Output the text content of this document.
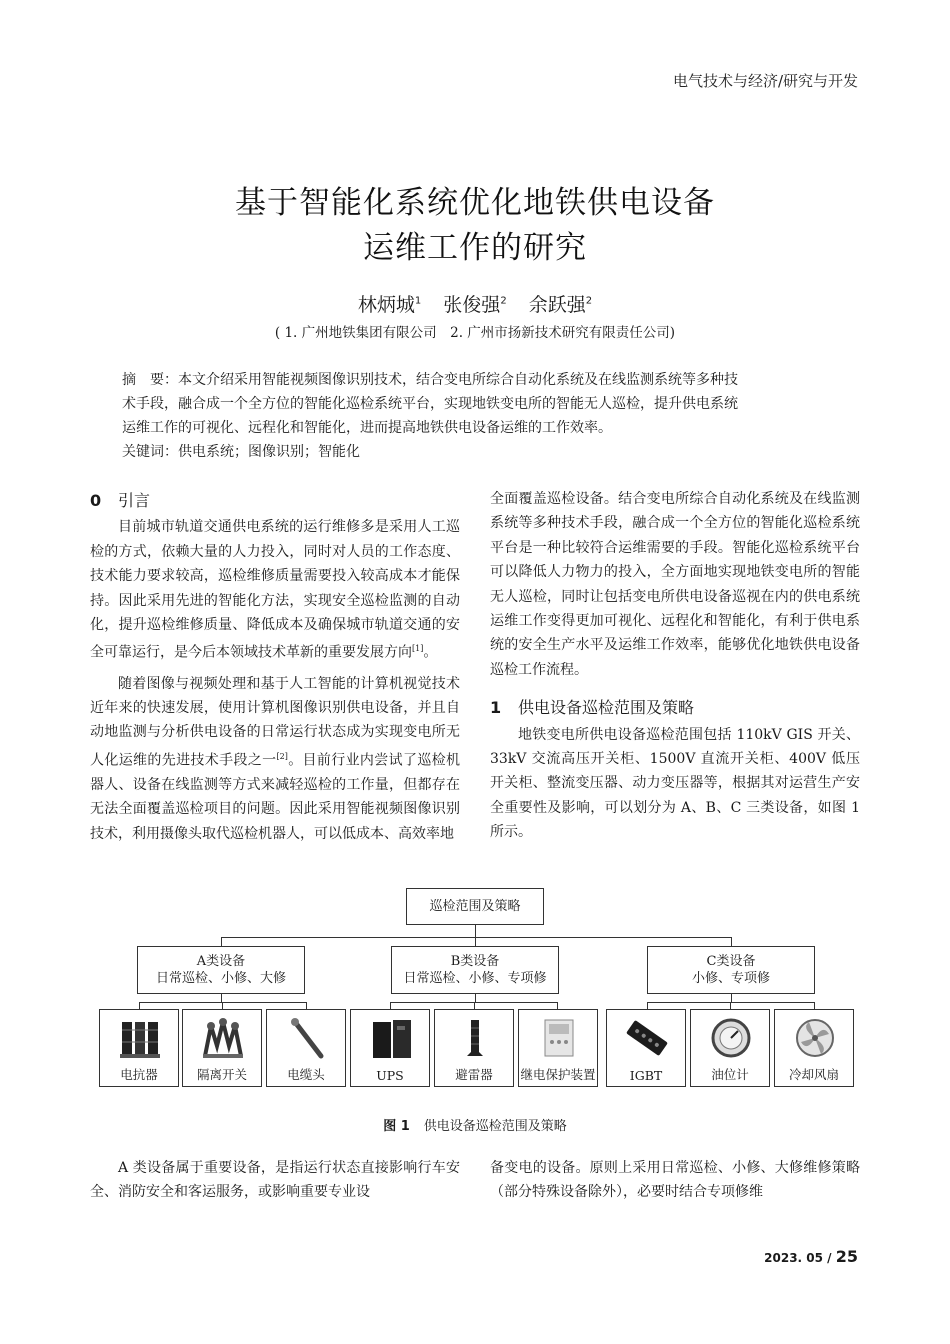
电气技术与经济/研究与开发
基于智能化系统优化地铁供电设备
运维工作的研究
林炳城$^1$ 张俊强$^2$ 余跃强$^2$
( 1. 广州地铁集团有限公司　2. 广州市扬新技术研究有限责任公司)
摘　要：本文介绍采用智能视频图像识别技术，结合变电所综合自动化系统及在线监测系统等多种技
术手段，融合成一个全方位的智能化巡检系统平台，实现地铁变电所的智能无人巡检，提升供电系统
运维工作的可视化、远程化和智能化，进而提高地铁供电设备运维的工作效率。
关键词：供电系统；图像识别；智能化
0 引言

目前城市轨道交通供电系统的运行维修多是采用人工巡检的方式，依赖大量的人力投入，同时对人员的工作态度、技术能力要求较高，巡检维修质量需要投入较高成本才能保持。因此采用先进的智能化方法，实现安全巡检监测的自动化，提升巡检维修质量、降低成本及确保城市轨道交通的安全可靠运行，是今后本领域技术革新的重要发展方向[1]。

随着图像与视频处理和基于人工智能的计算机视觉技术近年来的快速发展，使用计算机图像识别供电设备，并且自动地监测与分析供电设备的日常运行状态成为实现变电所无人化运维的先进技术手段之一[2]。目前行业内尝试了巡检机器人、设备在线监测等方式来减轻巡检的工作量，但都存在无法全面覆盖巡检项目的问题。因此采用智能视频图像识别技术，利用摄像头取代巡检机器人，可以低成本、高效率地

全面覆盖巡检设备。结合变电所综合自动化系统及在线监测系统等多种技术手段，融合成一个全方位的智能化巡检系统平台是一种比较符合运维需要的手段。智能化巡检系统平台可以降低人力物力的投入，全方面地实现地铁变电所的智能无人巡检，同时让包括变电所供电设备巡视在内的供电系统运维工作变得更加可视化、远程化和智能化，有利于供电系统的安全生产水平及运维工作效率，能够优化地铁供电设备巡检工作流程。

1 供电设备巡检范围及策略

地铁变电所供电设备巡检范围包括 110kV GIS 开关、33kV 交流高压开关柜、1500V 直流开关柜、400V 低压开关柜、整流变压器、动力变压器等，根据其对运营生产安全重要性及影响，可以划分为 A、B、C 三类设备，如图 1 所示。

巡检范围及策略
A类设备
日常巡检、小修、大修
B类设备
日常巡检、小修、专项修
C类设备
小修、专项修
电抗器	隔离开关	电缆头	UPS	避雷器	继电保护装置	IGBT	油位计	冷却风扇
图 1 供电设备巡检范围及策略

A 类设备属于重要设备，是指运行状态直接影响行车安全、消防安全和客运服务，或影响重要专业设

备变电的设备。原则上采用日常巡检、小修、大修维修策略（部分特殊设备除外），必要时结合专项修维

2023. 05 / 25
